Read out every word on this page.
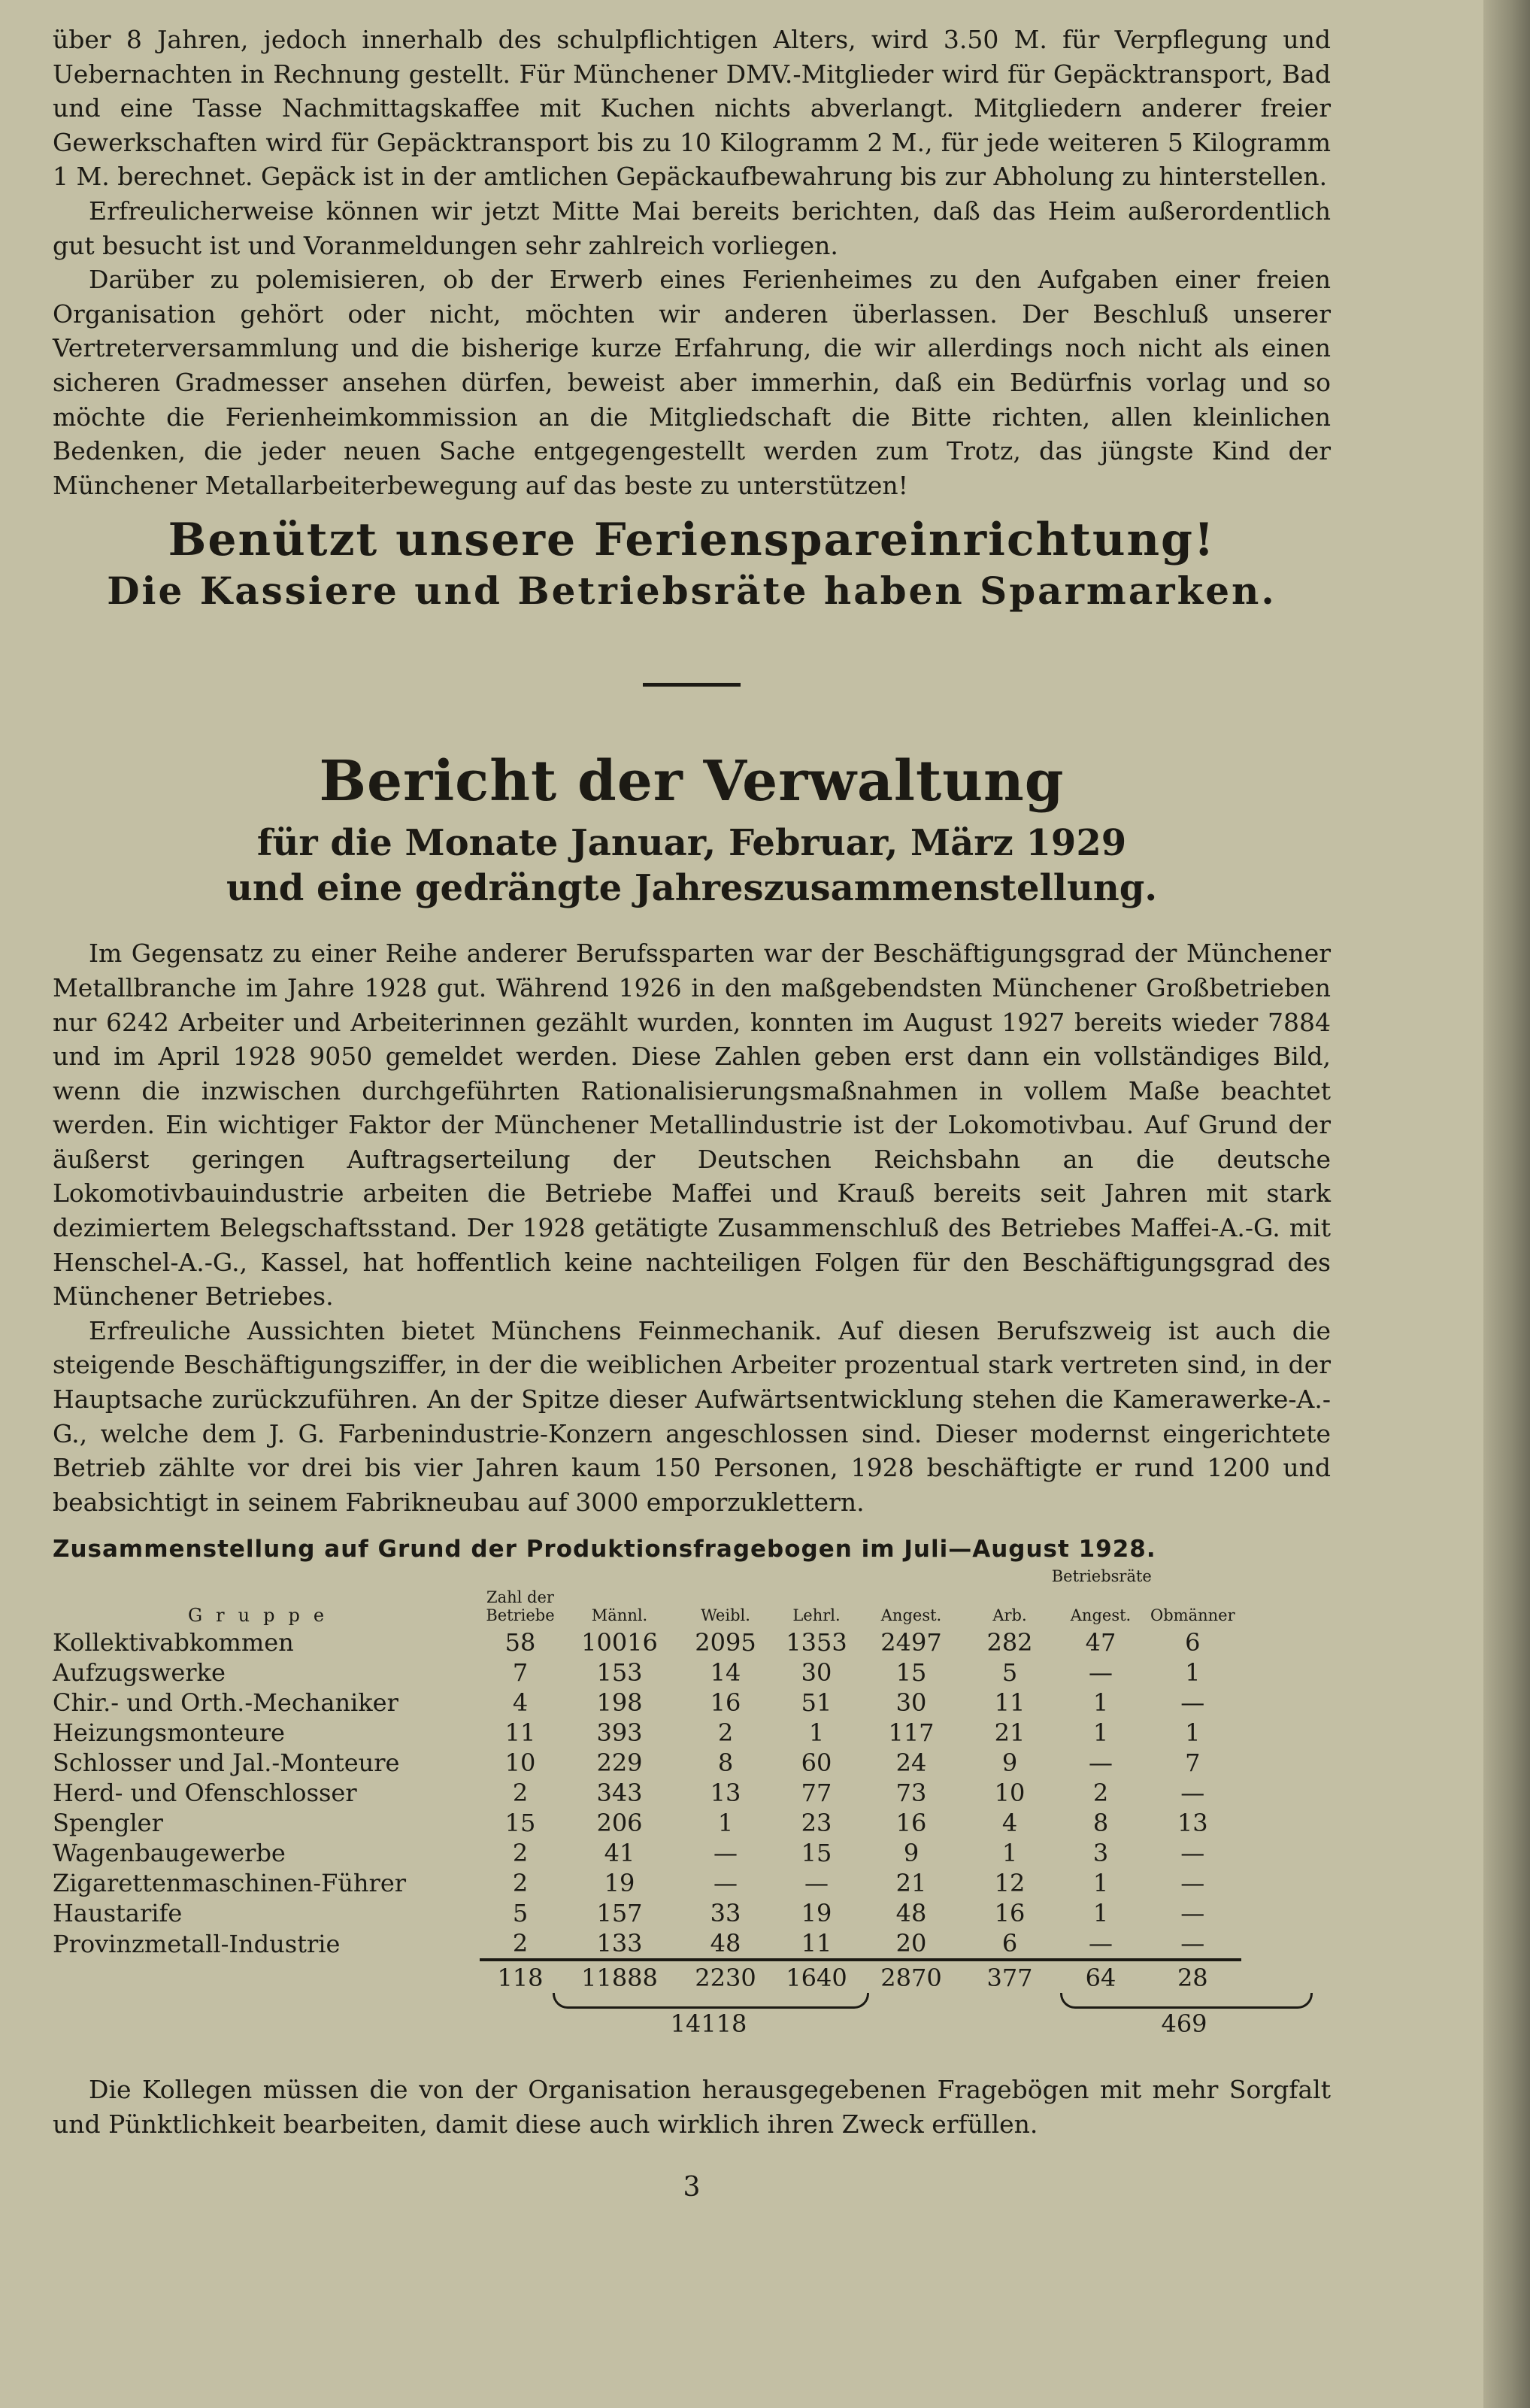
über 8 Jahren, jedoch innerhalb des schulpflichtigen Alters, wird 3.50 M. für Verpflegung und Uebernachten in Rechnung gestellt. Für Münchener DMV.-Mitglieder wird für Gepäcktransport, Bad und eine Tasse Nachmittagskaffee mit Kuchen nichts abverlangt. Mitgliedern anderer freier Gewerkschaften wird für Gepäcktransport bis zu 10 Kilogramm 2 M., für jede weiteren 5 Kilogramm 1 M. berechnet. Gepäck ist in der amtlichen Gepäckaufbewahrung bis zur Abholung zu hinterstellen.

Erfreulicherweise können wir jetzt Mitte Mai bereits berichten, daß das Heim außerordentlich gut besucht ist und Voranmeldungen sehr zahlreich vorliegen.

Darüber zu polemisieren, ob der Erwerb eines Ferienheimes zu den Aufgaben einer freien Organisation gehört oder nicht, möchten wir anderen überlassen. Der Beschluß unserer Vertreterversammlung und die bisherige kurze Erfahrung, die wir allerdings noch nicht als einen sicheren Gradmesser ansehen dürfen, beweist aber immerhin, daß ein Bedürfnis vorlag und so möchte die Ferienheimkommission an die Mitgliedschaft die Bitte richten, allen kleinlichen Bedenken, die jeder neuen Sache entgegengestellt werden zum Trotz, das jüngste Kind der Münchener Metallarbeiterbewegung auf das beste zu unterstützen!

Benützt unsere Ferienspareinrichtung!

Die Kassiere und Betriebsräte haben Sparmarken.

Bericht der Verwaltung
für die Monate Januar, Februar, März 1929
und eine gedrängte Jahreszusammenstellung.

Im Gegensatz zu einer Reihe anderer Berufssparten war der Beschäftigungsgrad der Münchener Metallbranche im Jahre 1928 gut. Während 1926 in den maßgebendsten Münchener Großbetrieben nur 6242 Arbeiter und Arbeiterinnen gezählt wurden, konnten im August 1927 bereits wieder 7884 und im April 1928 9050 gemeldet werden. Diese Zahlen geben erst dann ein vollständiges Bild, wenn die inzwischen durchgeführten Rationalisierungsmaßnahmen in vollem Maße beachtet werden. Ein wichtiger Faktor der Münchener Metallindustrie ist der Lokomotivbau. Auf Grund der äußerst geringen Auftragserteilung der Deutschen Reichsbahn an die deutsche Lokomotivbauindustrie arbeiten die Betriebe Maffei und Krauß bereits seit Jahren mit stark dezimiertem Belegschaftsstand. Der 1928 getätigte Zusammenschluß des Betriebes Maffei-A.-G. mit Henschel-A.-G., Kassel, hat hoffentlich keine nachteiligen Folgen für den Beschäftigungsgrad des Münchener Betriebes.

Erfreuliche Aussichten bietet Münchens Feinmechanik. Auf diesen Berufszweig ist auch die steigende Beschäftigungsziffer, in der die weiblichen Arbeiter prozentual stark vertreten sind, in der Hauptsache zurückzuführen. An der Spitze dieser Aufwärtsentwicklung stehen die Kamerawerke-A.-G., welche dem J. G. Farbenindustrie-Konzern angeschlossen sind. Dieser modernst eingerichtete Betrieb zählte vor drei bis vier Jahren kaum 150 Personen, 1928 beschäftigte er rund 1200 und beabsichtigt in seinem Fabrikneubau auf 3000 emporzuklettern.

Zusammenstellung auf Grund der Produktionsfragebogen im Juli—August 1928.

						Betriebsräte		
Gruppe	Zahl der Betriebe	Männl.	Weibl.	Lehrl.	Angest.	Arb.	Angest.	Obmänner
Kollektivabkommen	58	10016	2095	1353	2497	282	47	6
Aufzugswerke	7	153	14	30	15	5	—	1
Chir.- und Orth.-Mechaniker	4	198	16	51	30	11	1	—
Heizungsmonteure	11	393	2	1	117	21	1	1
Schlosser und Jal.-Monteure	10	229	8	60	24	9	—	7
Herd- und Ofenschlosser	2	343	13	77	73	10	2	—
Spengler	15	206	1	23	16	4	8	13
Wagenbaugewerbe	2	41	—	15	9	1	3	—
Zigarettenmaschinen-Führer	2	19	—	—	21	12	1	—
Haustarife	5	157	33	19	48	16	1	—
Provinzmetall-Industrie	2	133	48	11	20	6	—	—
	118	11888	2230	1640	2870	377	64	28
14118	469

Die Kollegen müssen die von der Organisation herausgegebenen Fragebögen mit mehr Sorgfalt und Pünktlichkeit bearbeiten, damit diese auch wirklich ihren Zweck erfüllen.

3
